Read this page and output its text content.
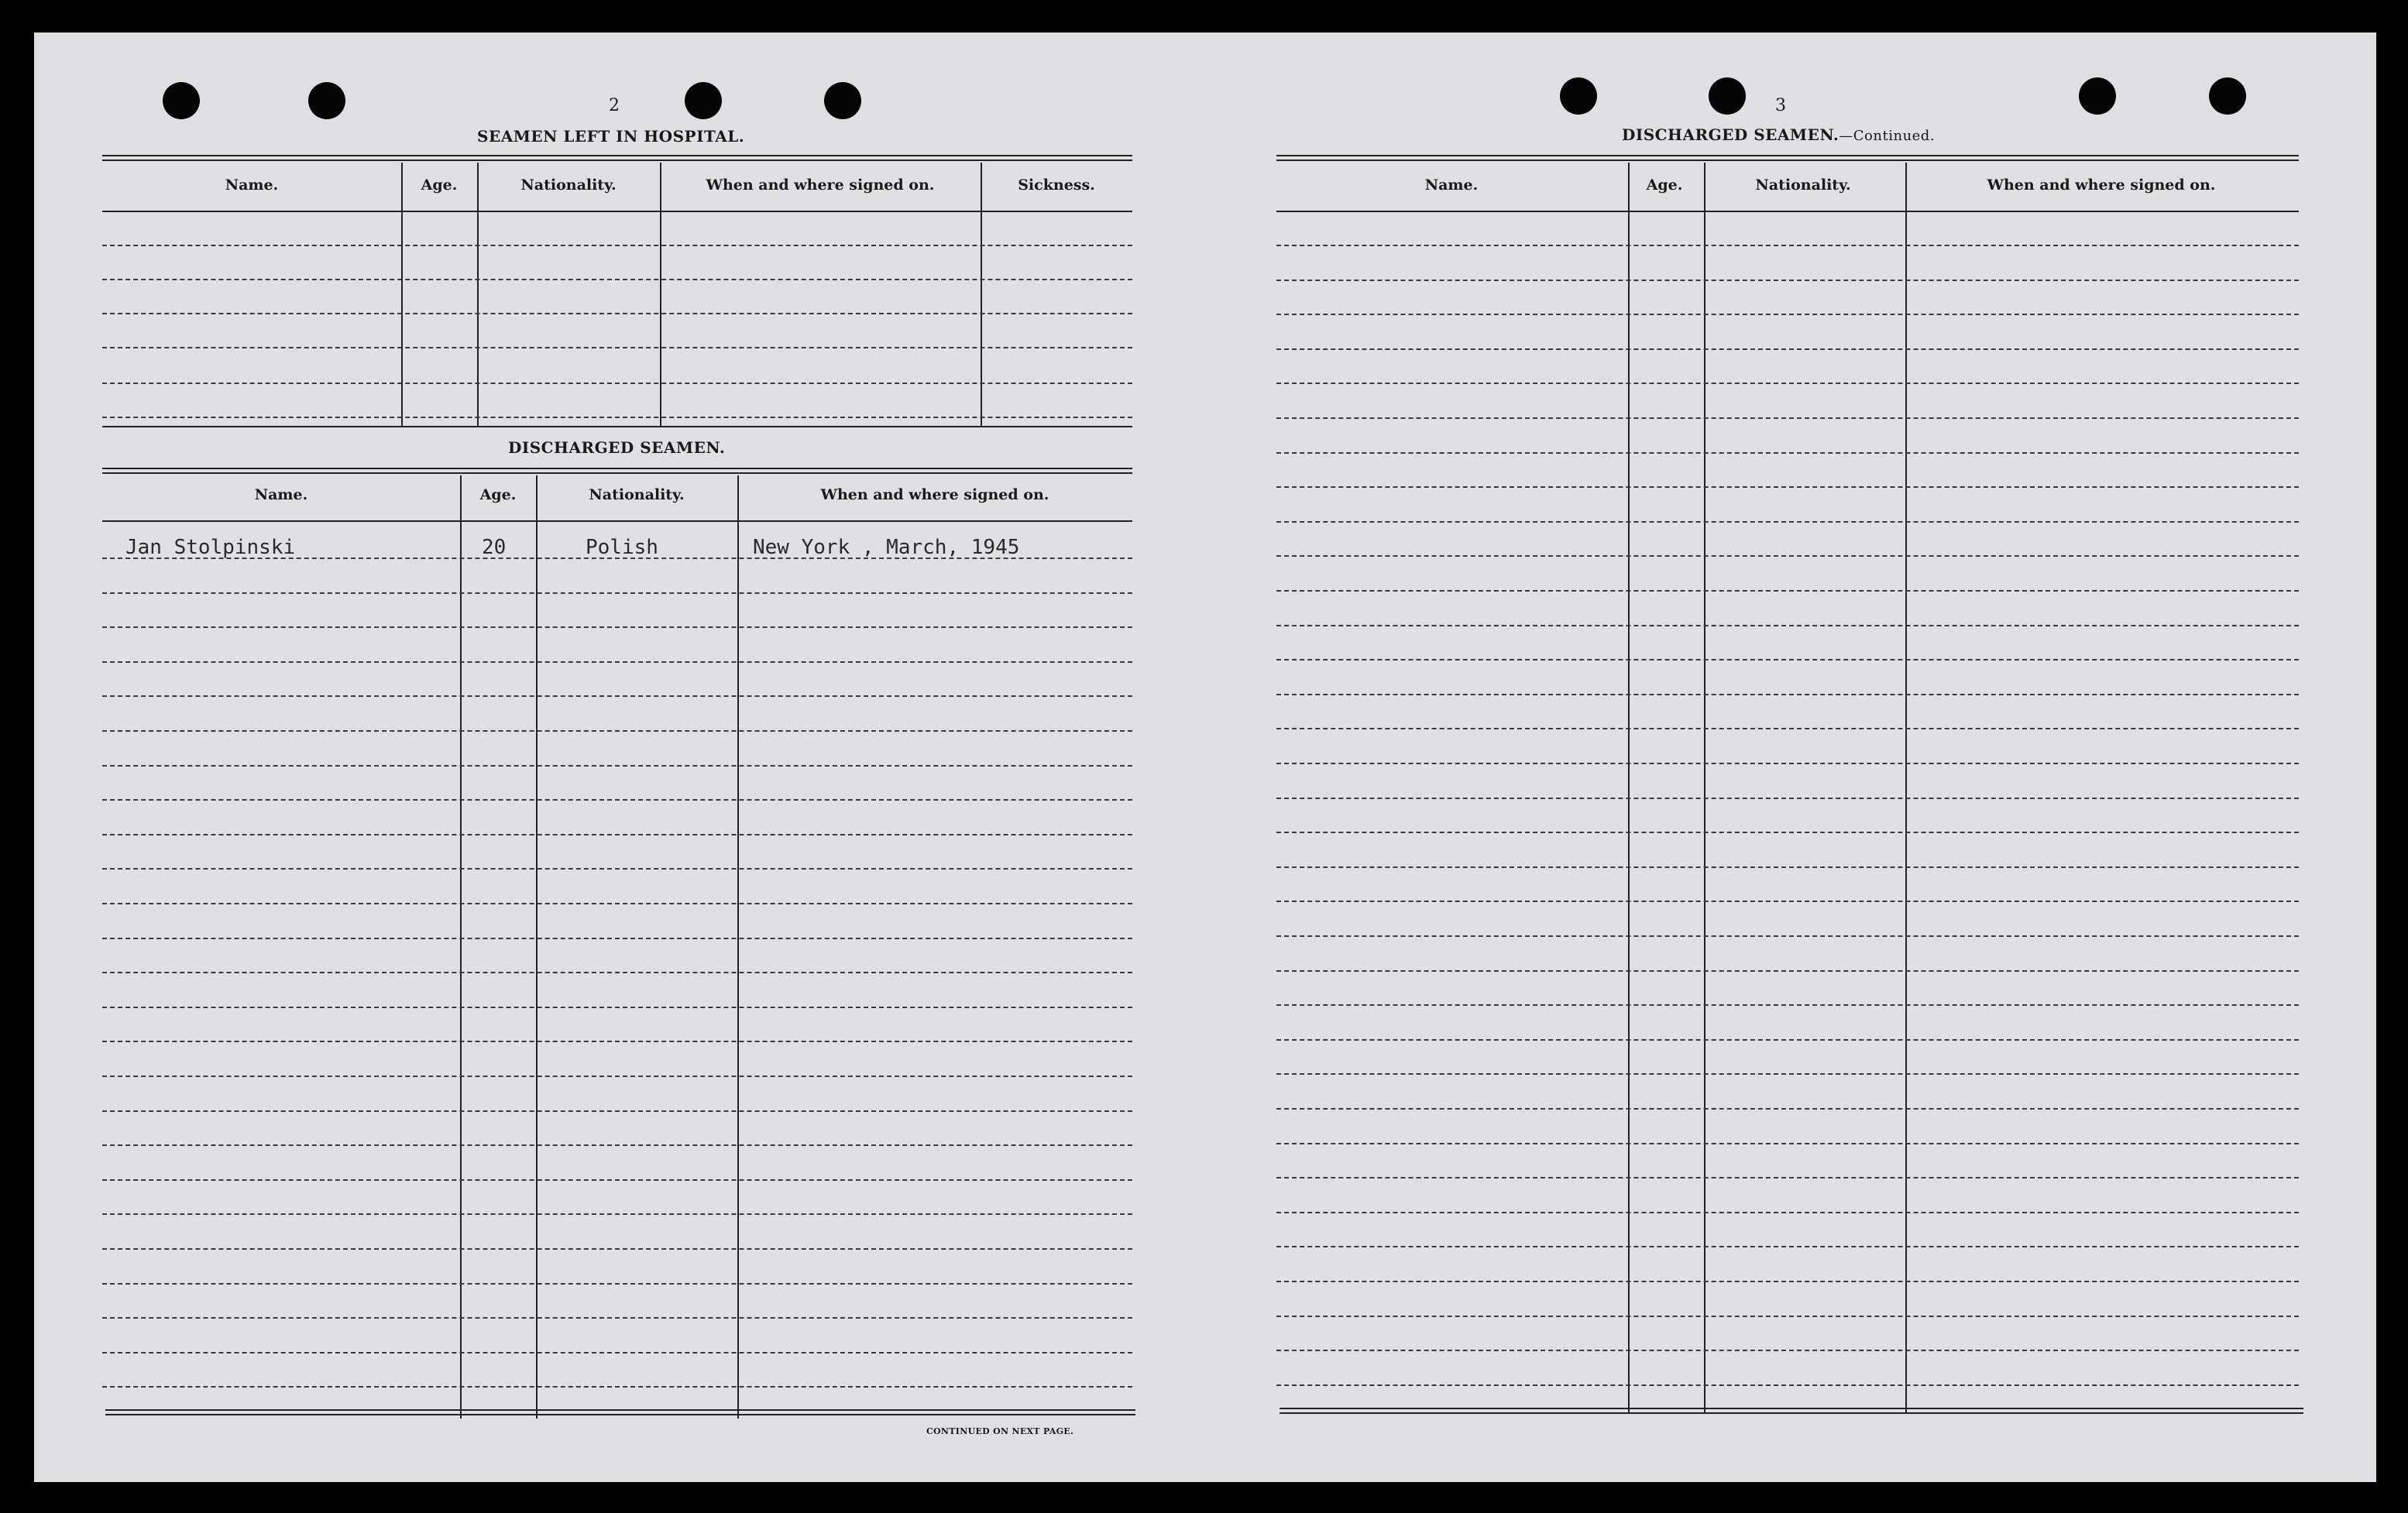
2
SEAMEN LEFT IN HOSPITAL.
Name.	Age.	Nationality.	When and where signed on.	Sickness.
DISCHARGED SEAMEN.
Name.	Age.	Nationality.	When and where signed on.
Jan Stolpinski	20	Polish	New York , March, 1945
CONTINUED ON NEXT PAGE.
3
DISCHARGED SEAMEN.—Continued.
Name.	Age.	Nationality.	When and where signed on.
